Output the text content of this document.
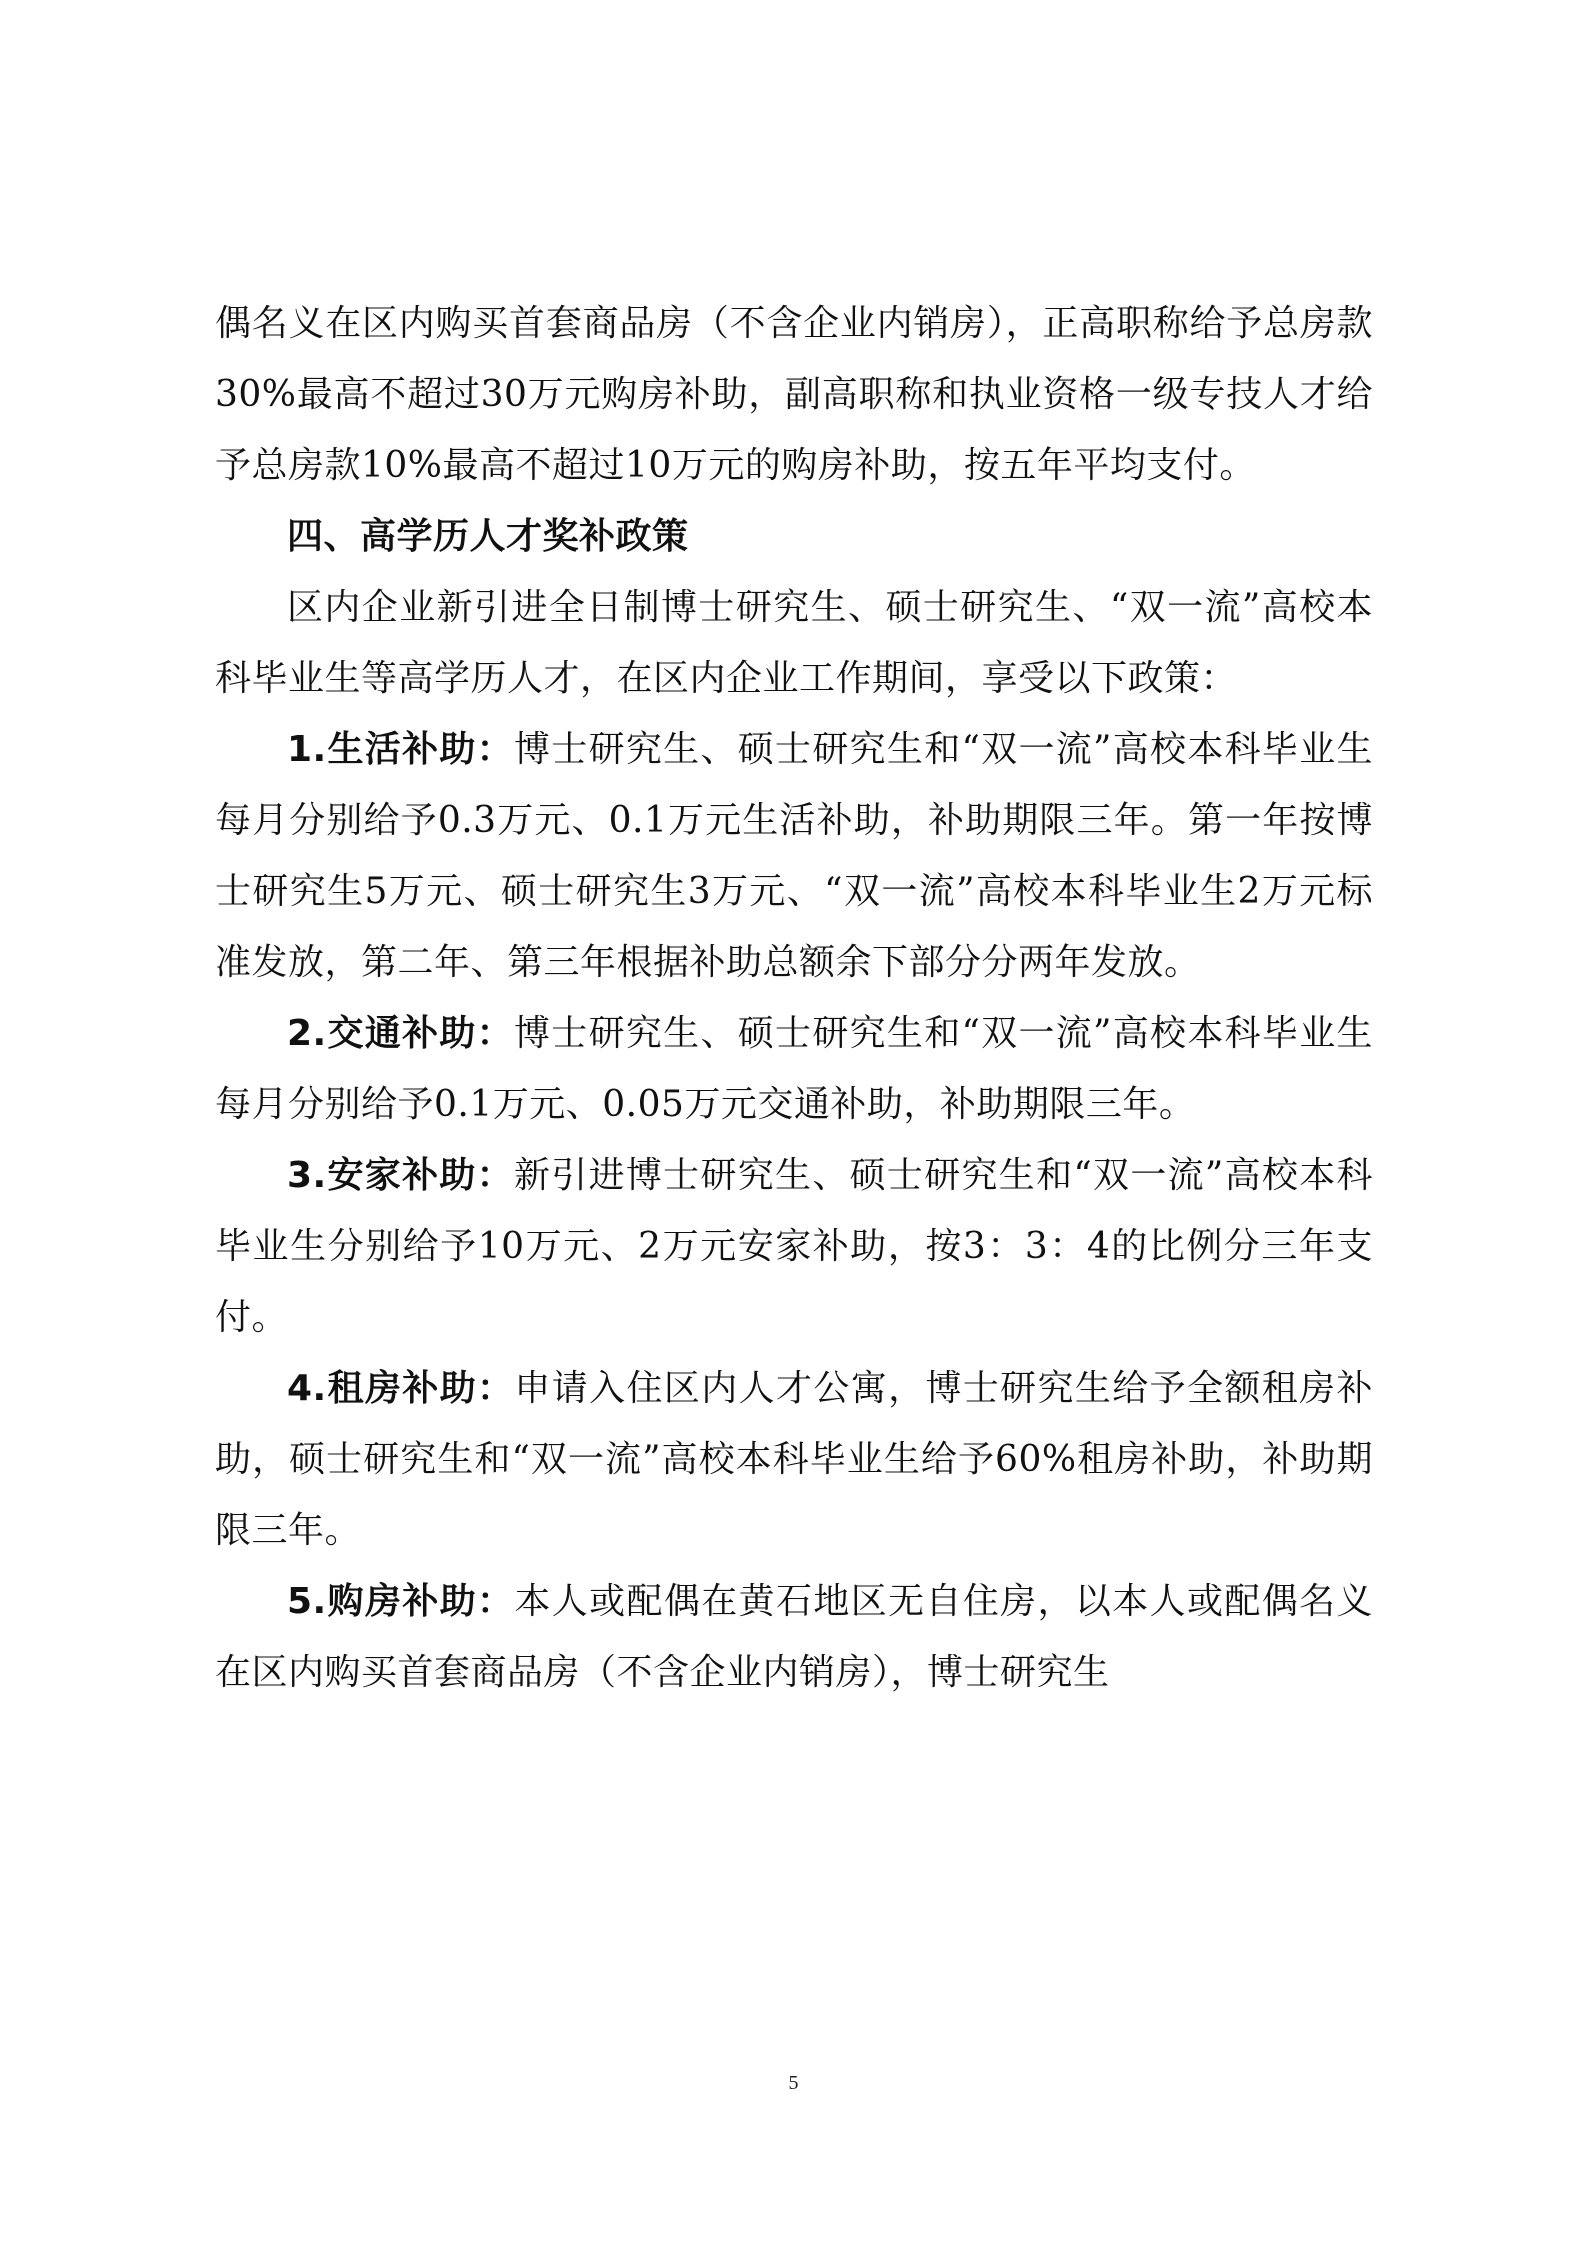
偶名义在区内购买首套商品房（不含企业内销房），正高职称给予总房款30%最高不超过30万元购房补助，副高职称和执业资格一级专技人才给予总房款10%最高不超过10万元的购房补助，按五年平均支付。

四、高学历人才奖补政策

区内企业新引进全日制博士研究生、硕士研究生、“双一流”高校本科毕业生等高学历人才，在区内企业工作期间，享受以下政策：

1.生活补助：博士研究生、硕士研究生和“双一流”高校本科毕业生每月分别给予0.3万元、0.1万元生活补助，补助期限三年。第一年按博士研究生5万元、硕士研究生3万元、“双一流”高校本科毕业生2万元标准发放，第二年、第三年根据补助总额余下部分分两年发放。

2.交通补助：博士研究生、硕士研究生和“双一流”高校本科毕业生每月分别给予0.1万元、0.05万元交通补助，补助期限三年。

3.安家补助：新引进博士研究生、硕士研究生和“双一流”高校本科毕业生分别给予10万元、2万元安家补助，按3：3：4的比例分三年支付。

4.租房补助：申请入住区内人才公寓，博士研究生给予全额租房补助，硕士研究生和“双一流”高校本科毕业生给予60%租房补助，补助期限三年。

5.购房补助：本人或配偶在黄石地区无自住房，以本人或配偶名义在区内购买首套商品房（不含企业内销房），博士研究生

5
